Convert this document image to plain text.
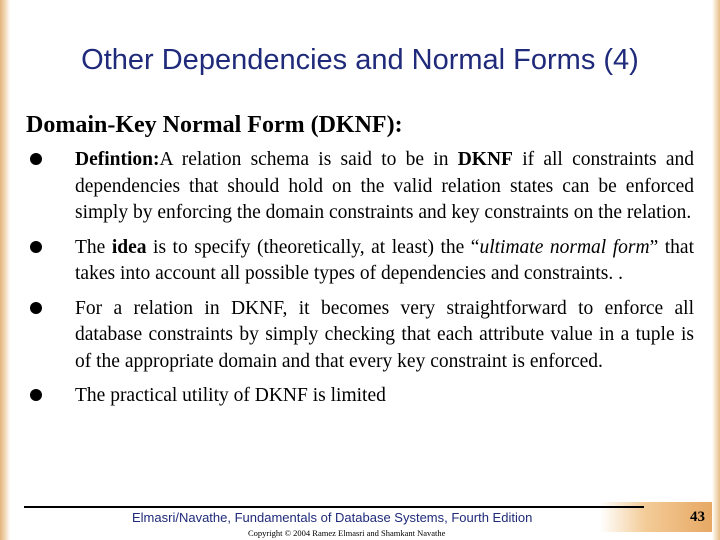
Other Dependencies and Normal Forms (4)
Domain-Key Normal Form (DKNF):
Defintion:A relation schema is said to be in DKNF if all constraints and dependencies that should hold on the valid relation states can be enforced simply by enforcing the domain constraints and key constraints on the relation.
The idea is to specify (theoretically, at least) the “ultimate normal form” that takes into account all possible types of dependencies and constraints. .
For a relation in DKNF, it becomes very straightforward to enforce all database constraints by simply checking that each attribute value in a tuple is of the appropriate domain and that every key constraint is enforced.
The practical utility of DKNF is limited
Elmasri/Navathe, Fundamentals of Database Systems, Fourth Edition
Copyright © 2004 Ramez Elmasri and Shamkant Navathe
43
